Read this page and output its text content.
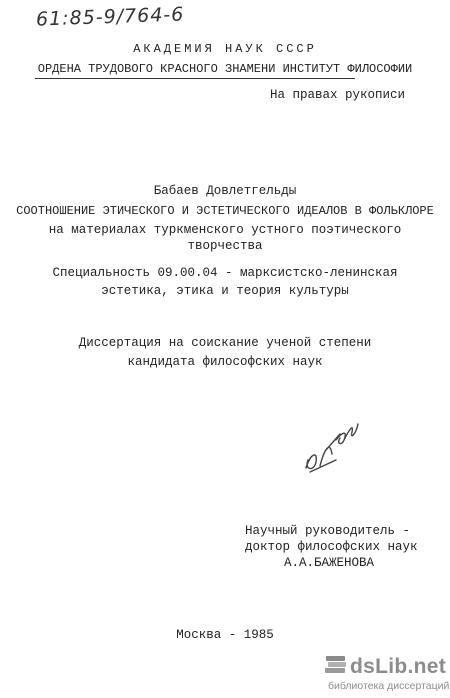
61:85-9/764-6
АКАДЕМИЯ НАУК СССР
ОРДЕНА ТРУДОВОГО КРАСНОГО ЗНАМЕНИ ИНСТИТУТ ФИЛОСОФИИ
На правах рукописи
Бабаев Довлетгельды
СООТНОШЕНИЕ ЭТИЧЕСКОГО И ЭСТЕТИЧЕСКОГО ИДЕАЛОВ В ФОЛЬКЛОРЕ
на материалах туркменского устного поэтического
творчества
Специальность 09.00.04 - марксистско-ленинская
эстетика, этика и теория культуры
Диссертация на соискание ученой степени
кандидата философских наук
Научный руководитель -
доктор философских наук
А.А.БАЖЕНОВА
Москва - 1985
dsLib.net
библиотека диссертаций
